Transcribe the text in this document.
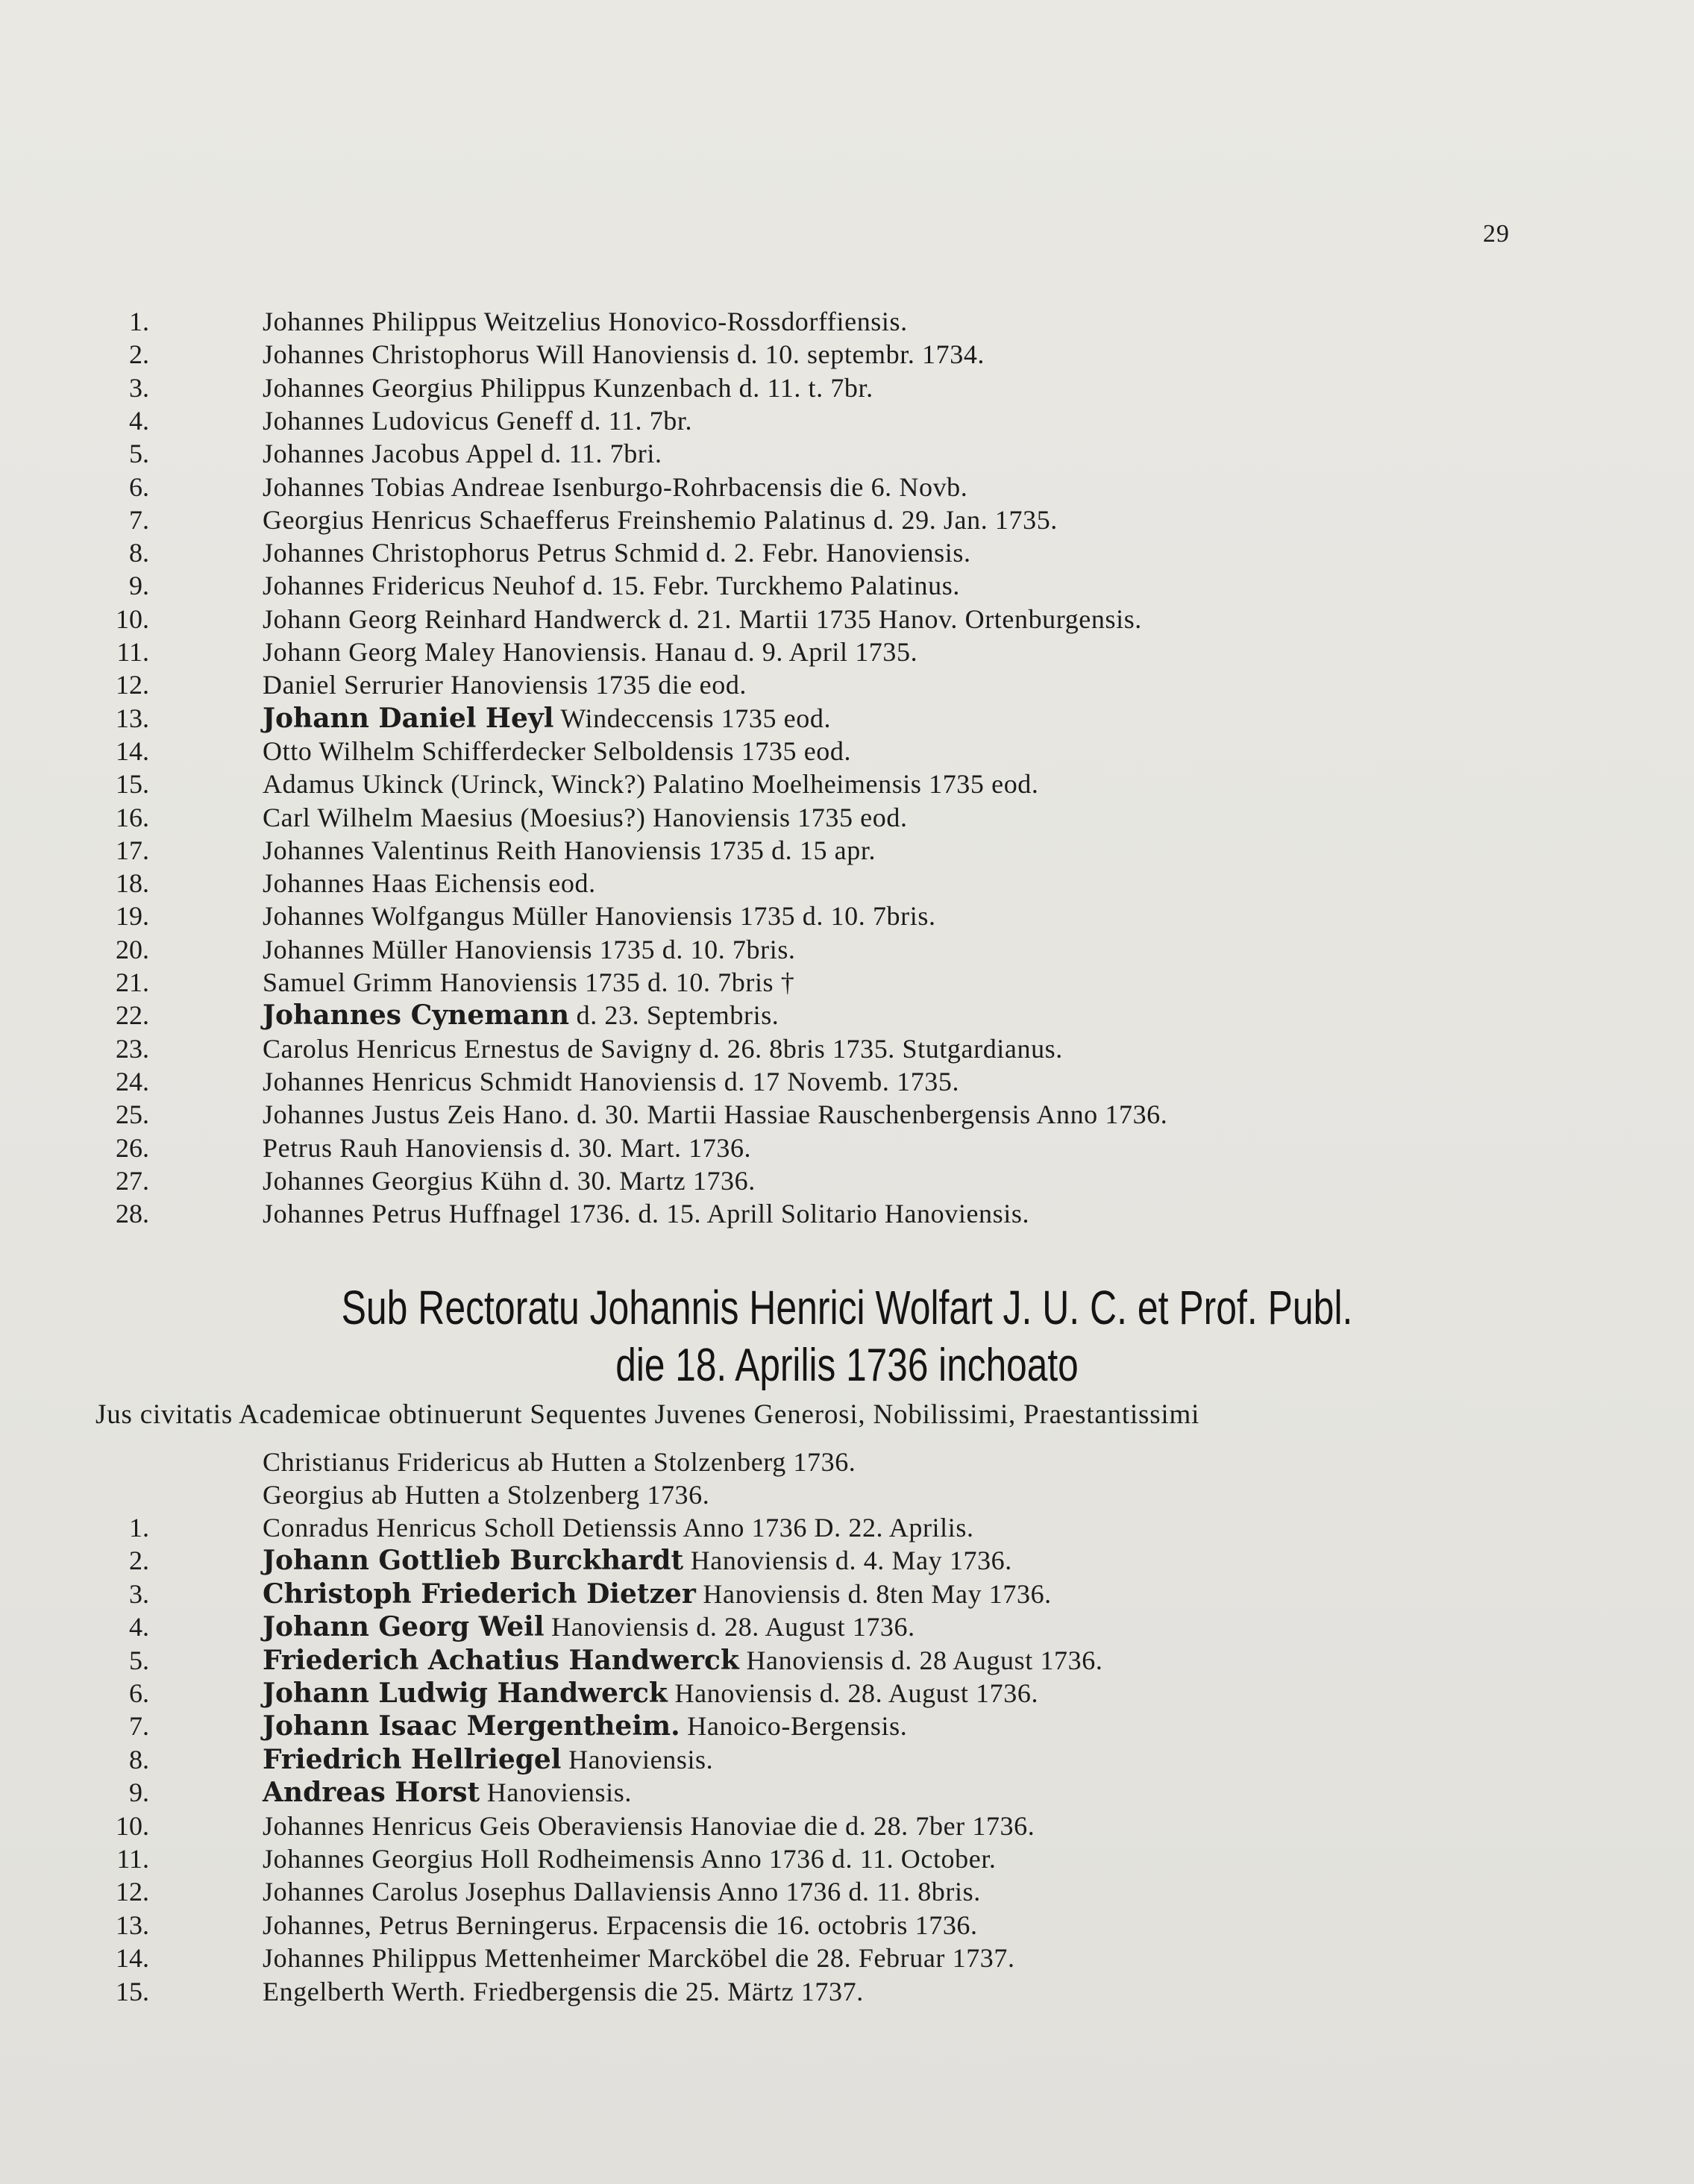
29
1.	Johannes Philippus Weitzelius Honovico-Rossdorffiensis.
2.	Johannes Christophorus Will Hanoviensis d. 10. septembr. 1734.
3.	Johannes Georgius Philippus Kunzenbach d. 11. t. 7br.
4.	Johannes Ludovicus Geneff d. 11. 7br.
5.	Johannes Jacobus Appel d. 11. 7bri.
6.	Johannes Tobias Andreae Isenburgo-Rohrbacensis die 6. Novb.
7.	Georgius Henricus Schaefferus Freinshemio Palatinus d. 29. Jan. 1735.
8.	Johannes Christophorus Petrus Schmid d. 2. Febr. Hanoviensis.
9.	Johannes Fridericus Neuhof d. 15. Febr. Turckhemo Palatinus.
10.	Johann Georg Reinhard Handwerck d. 21. Martii 1735 Hanov. Ortenburgensis.
11.	Johann Georg Maley Hanoviensis. Hanau d. 9. April 1735.
12.	Daniel Serrurier Hanoviensis 1735 die eod.
13.	Johann Daniel Heyl Windeccensis 1735 eod.
14.	Otto Wilhelm Schifferdecker Selboldensis 1735 eod.
15.	Adamus Ukinck (Urinck, Winck?) Palatino Moelheimensis 1735 eod.
16.	Carl Wilhelm Maesius (Moesius?) Hanoviensis 1735 eod.
17.	Johannes Valentinus Reith Hanoviensis 1735 d. 15 apr.
18.	Johannes Haas Eichensis eod.
19.	Johannes Wolfgangus Müller Hanoviensis 1735 d. 10. 7bris.
20.	Johannes Müller Hanoviensis 1735 d. 10. 7bris.
21.	Samuel Grimm Hanoviensis 1735 d. 10. 7bris †
22.	Johannes Cynemann d. 23. Septembris.
23.	Carolus Henricus Ernestus de Savigny d. 26. 8bris 1735. Stutgardianus.
24.	Johannes Henricus Schmidt Hanoviensis d. 17 Novemb. 1735.
25.	Johannes Justus Zeis Hano. d. 30. Martii Hassiae Rauschenbergensis Anno 1736.
26.	Petrus Rauh Hanoviensis d. 30. Mart. 1736.
27.	Johannes Georgius Kühn d. 30. Martz 1736.
28.	Johannes Petrus Huffnagel 1736. d. 15. Aprill Solitario Hanoviensis.
Sub Rectoratu Johannis Henrici Wolfart J. U. C. et Prof. Publ.
die 18. Aprilis 1736 inchoato
Jus civitatis Academicae obtinuerunt Sequentes Juvenes Generosi, Nobilissimi, Praestantissimi
Christianus Fridericus ab Hutten a Stolzenberg 1736.
Georgius ab Hutten a Stolzenberg 1736.
1.	Conradus Henricus Scholl Detienssis Anno 1736 D. 22. Aprilis.
2.	Johann Gottlieb Burckhardt Hanoviensis d. 4. May 1736.
3.	Christoph Friederich Dietzer Hanoviensis d. 8ten May 1736.
4.	Johann Georg Weil Hanoviensis d. 28. August 1736.
5.	Friederich Achatius Handwerck Hanoviensis d. 28 August 1736.
6.	Johann Ludwig Handwerck Hanoviensis d. 28. August 1736.
7.	Johann Isaac Mergentheim. Hanoico-Bergensis.
8.	Friedrich Hellriegel Hanoviensis.
9.	Andreas Horst Hanoviensis.
10.	Johannes Henricus Geis Oberaviensis Hanoviae die d. 28. 7ber 1736.
11.	Johannes Georgius Holl Rodheimensis Anno 1736 d. 11. October.
12.	Johannes Carolus Josephus Dallaviensis Anno 1736 d. 11. 8bris.
13.	Johannes, Petrus Berningerus. Erpacensis die 16. octobris 1736.
14.	Johannes Philippus Mettenheimer Marcköbel die 28. Februar 1737.
15.	Engelberth Werth. Friedbergensis die 25. Märtz 1737.
